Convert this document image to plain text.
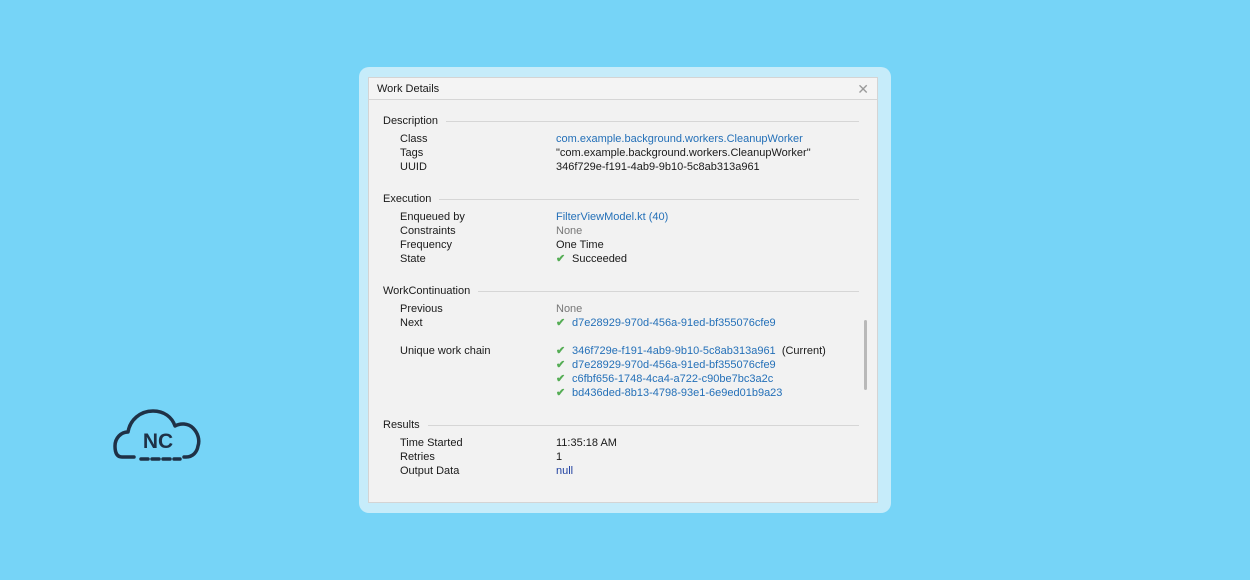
NC
Work Details	✕
Description
Class	com.example.background.workers.CleanupWorker
Tags	"com.example.background.workers.CleanupWorker"
UUID	346f729e-f191-4ab9-9b10-5c8ab313a961
Execution
Enqueued by	FilterViewModel.kt (40)
Constraints	None
Frequency	One Time
State	✔ Succeeded
WorkContinuation
Previous	None
Next	✔ d7e28929-970d-456a-91ed-bf355076cfe9
Unique work chain	✔ 346f729e-f191-4ab9-9b10-5c8ab313a961 (Current)
✔ d7e28929-970d-456a-91ed-bf355076cfe9
✔ c6fbf656-1748-4ca4-a722-c90be7bc3a2c
✔ bd436ded-8b13-4798-93e1-6e9ed01b9a23
Results
Time Started	11:35:18 AM
Retries	1
Output Data	null
